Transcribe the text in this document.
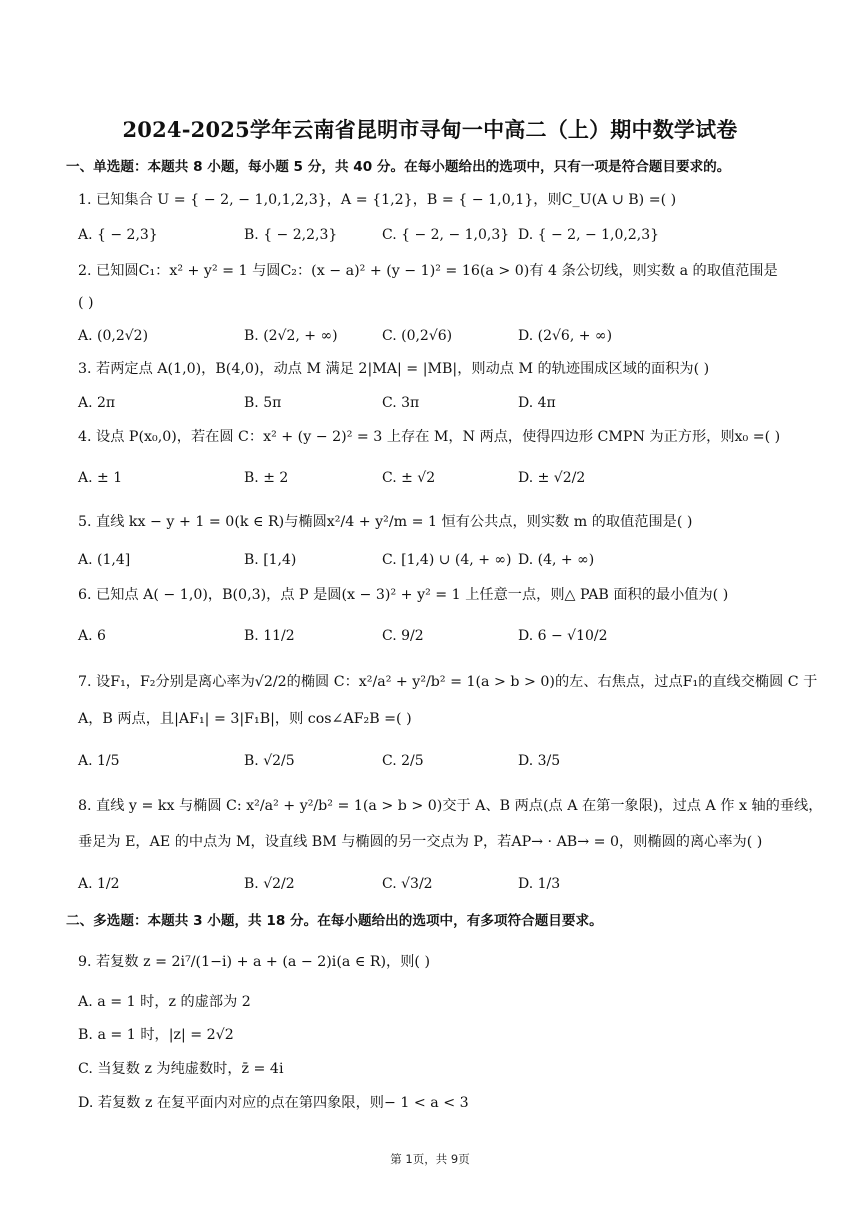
2024-2025学年云南省昆明市寻甸一中高二（上）期中数学试卷
一、单选题：本题共 8 小题，每小题 5 分，共 40 分。在每小题给出的选项中，只有一项是符合题目要求的。
1. 已知集合 U = { − 2, − 1,0,1,2,3}，A = {1,2}，B = { − 1,0,1}，则C_U(A ∪ B) =( )
A. { − 2,3}	B. { − 2,2,3}	C. { − 2, − 1,0,3} D. { − 2, − 1,0,2,3}
2. 已知圆C₁：x² + y² = 1 与圆C₂：(x − a)² + (y − 1)² = 16(a > 0)有 4 条公切线，则实数 a 的取值范围是
( )
A. (0,2√2)	B. (2√2, + ∞)	C. (0,2√6)	D. (2√6, + ∞)
3. 若两定点 A(1,0)，B(4,0)，动点 M 满足 2|MA| = |MB|，则动点 M 的轨迹围成区域的面积为( )
A. 2π	B. 5π	C. 3π	D. 4π
4. 设点 P(x₀,0)，若在圆 C：x² + (y − 2)² = 3 上存在 M，N 两点，使得四边形 CMPN 为正方形，则x₀ =( )
A. ± 1	B. ± 2	C. ± √2	D. ± √2/2
5. 直线 kx − y + 1 = 0(k ∈ R)与椭圆x²/4 + y²/m = 1 恒有公共点，则实数 m 的取值范围是( )
A. (1,4]	B. [1,4)	C. [1,4) ∪ (4, + ∞) D. (4, + ∞)
6. 已知点 A( − 1,0)，B(0,3)，点 P 是圆(x − 3)² + y² = 1 上任意一点，则△ PAB 面积的最小值为( )
A. 6	B. 11/2	C. 9/2	D. 6 − √10/2
7. 设F₁，F₂分别是离心率为√2/2的椭圆 C：x²/a² + y²/b² = 1(a > b > 0)的左、右焦点，过点F₁的直线交椭圆 C 于
A，B 两点，且|AF₁| = 3|F₁B|，则 cos∠AF₂B =( )
A. 1/5	B. √2/5	C. 2/5	D. 3/5
8. 直线 y = kx 与椭圆 C: x²/a² + y²/b² = 1(a > b > 0)交于 A、B 两点(点 A 在第一象限)，过点 A 作 x 轴的垂线，
垂足为 E，AE 的中点为 M，设直线 BM 与椭圆的另一交点为 P，若AP→ · AB→ = 0，则椭圆的离心率为( )
A. 1/2	B. √2/2	C. √3/2	D. 1/3
二、多选题：本题共 3 小题，共 18 分。在每小题给出的选项中，有多项符合题目要求。
9. 若复数 z = 2i⁷/(1−i) + a + (a − 2)i(a ∈ R)，则( )
A. a = 1 时，z 的虚部为 2
B. a = 1 时，|z| = 2√2
C. 当复数 z 为纯虚数时，z̄ = 4i
D. 若复数 z 在复平面内对应的点在第四象限，则− 1 < a < 3
第 1页，共 9页
